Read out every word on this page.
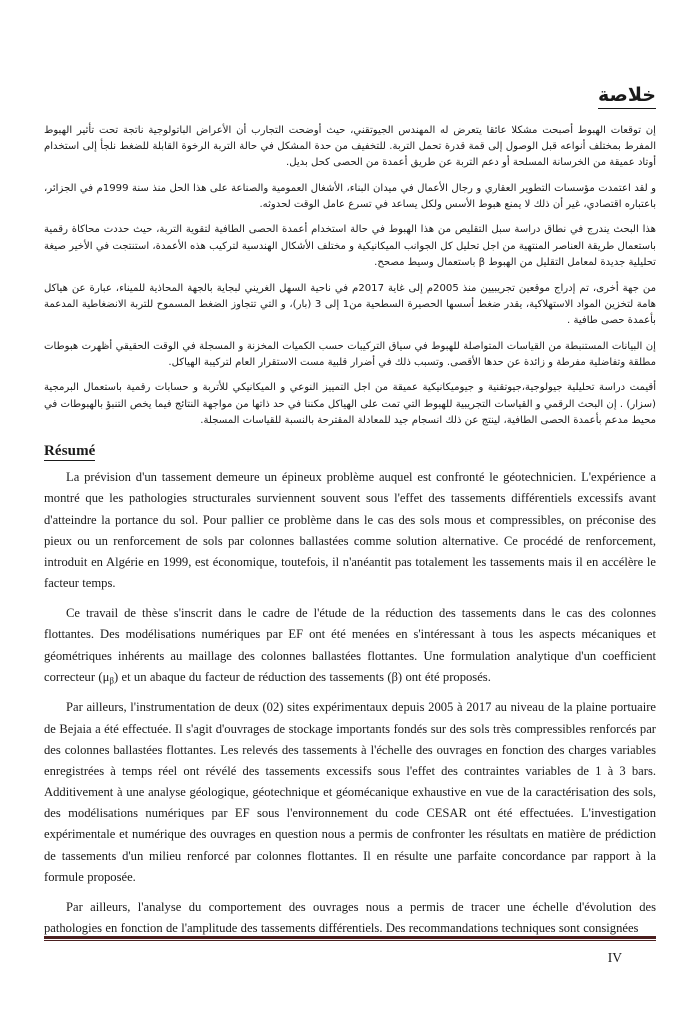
خلاصة

إن توقعات الهبوط أصبحت مشكلا عائقا يتعرض له المهندس الجيوتقني، حيث أوضحت التجارب أن الأعراض الباتولوجية ناتجة تحت تأثير الهبوط المفرط بمختلف أنواعه قبل الوصول إلى قمة قدرة تحمل التربة. للتخفيف من حدة المشكل في حالة التربة الرخوة القابلة للضغط نلجأ إلى استخدام أوتاد عميقة من الخرسانة المسلحة أو دعم التربة عن طريق أعمدة من الحصى كحل بديل.

و لقد اعتمدت مؤسسات التطوير العقاري و رجال الأعمال في ميدان البناء، الأشغال العمومية والصناعة على هذا الحل منذ سنة 1999م في الجزائر، باعتباره اقتصادي، غير أن ذلك لا يمنع هبوط الأسس ولكل يساعد في تسرع عامل الوقت لحدوثه.

هذا البحث يندرج في نطاق دراسة سبل التقليص من هذا الهبوط في حالة استخدام أعمدة الحصى الطافية لتقوية التربة، حيث حددت محاكاة رقمية باستعمال طريقة العناصر المنتهية من اجل تحليل كل الجوانب الميكانيكية و مختلف الأشكال الهندسية لتركيب هذه الأعمدة، استنتجت في الأخير صيغة تحليلية جديدة لمعامل التقليل من الهبوط β باستعمال وسيط مصحح.

من جهة أخرى، تم إدراج موقعين تجريبيين منذ 2005م إلى غاية 2017م في ناحية السهل الغريني لبجاية بالجهة المحاذية للميناء، عبارة عن هياكل هامة لتخزين المواد الاستهلاكية، يقدر ضغط أسسها الحصيرة السطحية من1 إلى 3 (بار)، و التي تتجاوز الضغط المسموح للتربة الانضغاطية المدعمة بأعمدة حصى طافية .

إن البيانات المستنبطة من القياسات المتواصلة للهبوط في سياق التركيبات حسب الكميات المخزنة و المسجلة في الوقت الحقيقي أظهرت هبوطات مطلقة وتفاضلية مفرطة و زائدة عن حدها الأقصى. وتسبب ذلك في أضرار قلبية مست الاستقرار العام لتركيبة الهياكل.

أقيمت دراسة تحليلية جيولوجية،جيوتقنية و جيوميكانيكية عميقة من اجل التمييز النوعي و الميكانيكي للأتربة و حسابات رقمية باستعمال البرمجية (سزار) . إن البحث الرقمي و القياسات التجريبية للهبوط التي تمت على الهياكل مكننا في حد ذاتها من مواجهة النتائج فيما يخص التنبؤ بالهبوطات في محيط مدعم بأعمدة الحصى الطافية، لينتج عن ذلك انسجام جيد للمعادلة المقترحة بالنسبة للقياسات المسجلة.

Résumé

La prévision d'un tassement demeure un épineux problème auquel est confronté le géotechnicien. L'expérience a montré que les pathologies structurales surviennent souvent sous l'effet des tassements différentiels excessifs avant d'atteindre la portance du sol. Pour pallier ce problème dans le cas des sols mous et compressibles, on préconise des pieux ou un renforcement de sols par colonnes ballastées comme solution alternative. Ce procédé de renforcement, introduit en Algérie en 1999, est économique, toutefois, il n'anéantit pas totalement les tassements mais il en accélère le facteur temps.

Ce travail de thèse s'inscrit dans le cadre de l'étude de la réduction des tassements dans le cas des colonnes flottantes. Des modélisations numériques par EF ont été menées en s'intéressant à tous les aspects mécaniques et géométriques inhérents au maillage des colonnes ballastées flottantes. Une formulation analytique d'un coefficient correcteur $(\mu_\beta)$ et un abaque du facteur de réduction des tassements (β) ont été proposés.

Par ailleurs, l'instrumentation de deux (02) sites expérimentaux depuis 2005 à 2017 au niveau de la plaine portuaire de Bejaia a été effectuée. Il s'agit d'ouvrages de stockage importants fondés sur des sols très compressibles renforcés par des colonnes ballastées flottantes. Les relevés des tassements à l'échelle des ouvrages en fonction des charges variables enregistrées à temps réel ont révélé des tassements excessifs sous l'effet des contraintes variables de 1 à 3 bars. Additivement à une analyse géologique, géotechnique et géomécanique exhaustive en vue de la caractérisation des sols, des modélisations numériques par EF sous l'environnement du code CESAR ont été effectuées. L'investigation expérimentale et numérique des ouvrages en question nous a permis de confronter les résultats en matière de prédiction de tassements d'un milieu renforcé par colonnes flottantes. Il en résulte une parfaite concordance par rapport à la formule proposée.

Par ailleurs, l'analyse du comportement des ouvrages nous a permis de tracer une échelle d'évolution des pathologies en fonction de l'amplitude des tassements différentiels. Des recommandations techniques sont consignées

IV
